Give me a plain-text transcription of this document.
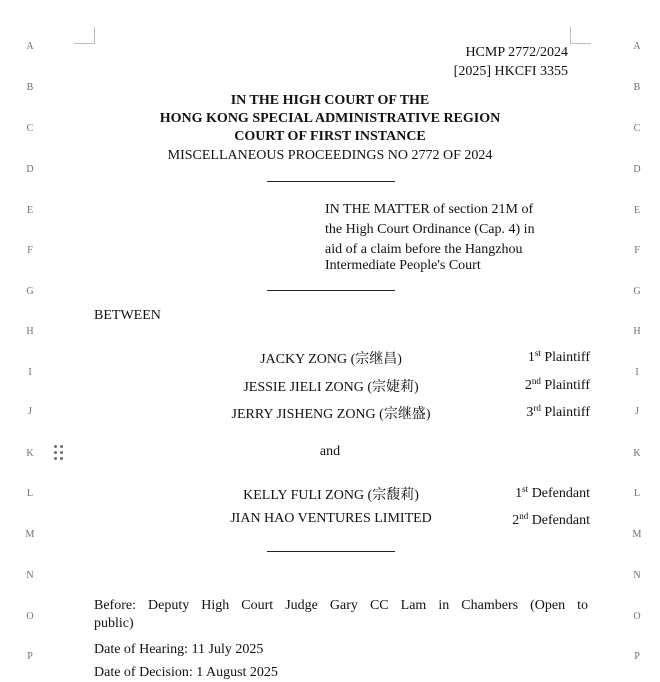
A
B
C
D
E
F
G
H
I
J
K
L
M
N
O
P
A
B
C
D
E
F
G
H
I
J
K
L
M
N
O
P
HCMP 2772/2024
[2025] HKCFI 3355
IN THE HIGH COURT OF THE
HONG KONG SPECIAL ADMINISTRATIVE REGION
COURT OF FIRST INSTANCE
MISCELLANEOUS PROCEEDINGS NO 2772 OF 2024
IN THE MATTER of section 21M of
the High Court Ordinance (Cap. 4) in
aid of a claim before the Hangzhou
Intermediate People's Court
BETWEEN
JACKY ZONG (宗继昌)	1st Plaintiff
JESSIE JIELI ZONG (宗婕莉)	2nd Plaintiff
JERRY JISHENG ZONG (宗继盛)	3rd Plaintiff
and
KELLY FULI ZONG (宗馥莉)	1st Defendant
JIAN HAO VENTURES LIMITED	2nd Defendant
Before: Deputy High Court Judge Gary CC Lam in Chambers (Open to
public)
Date of Hearing: 11 July 2025
Date of Decision: 1 August 2025
